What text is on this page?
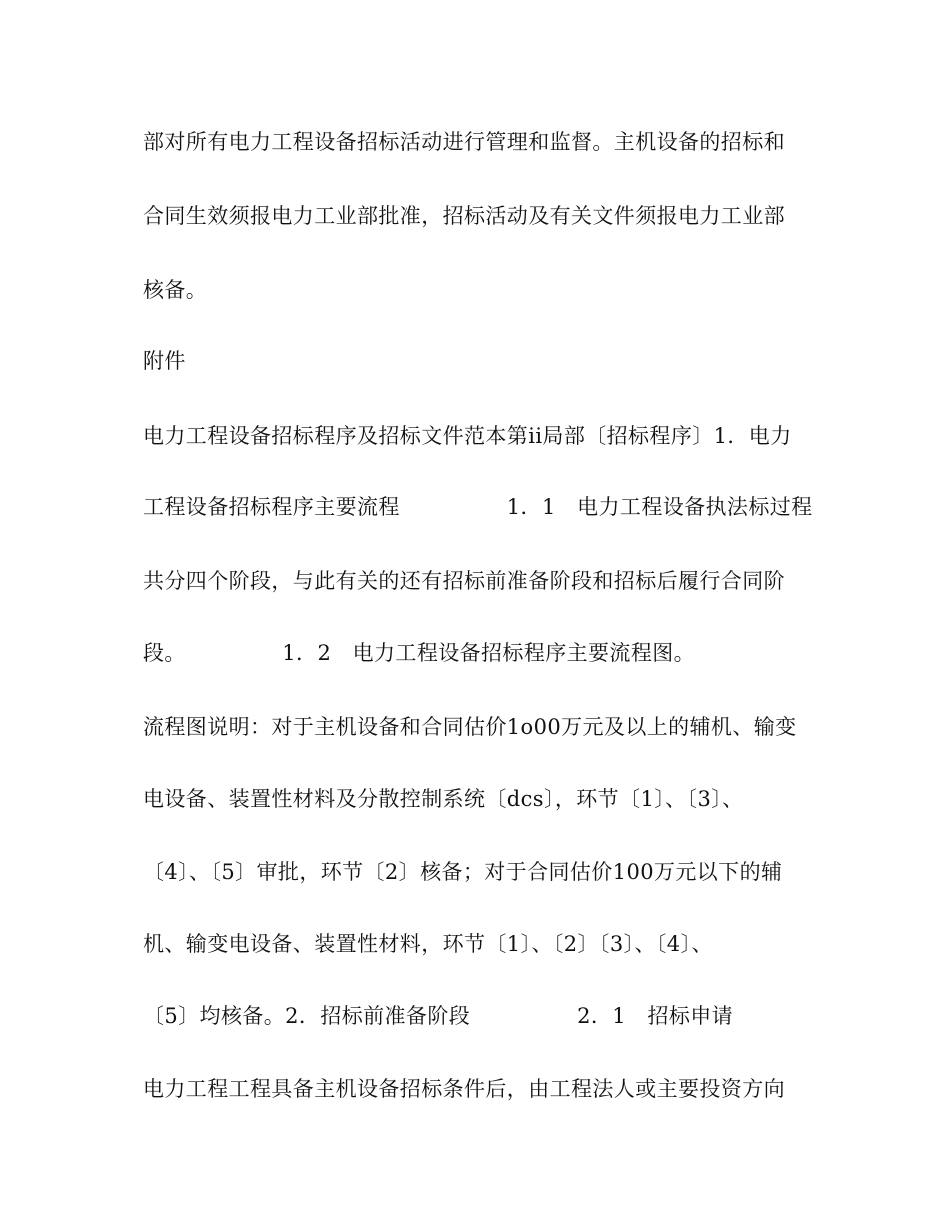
部对所有电力工程设备招标活动进行管理和监督。主机设备的招标和
合同生效须报电力工业部批准，招标活动及有关文件须报电力工业部
核备。
附件
电力工程设备招标程序及招标文件范本第ii局部〔招标程序〕1．电力
工程设备招标程序主要流程　　　　　1．1　电力工程设备执法标过程
共分四个阶段，与此有关的还有招标前准备阶段和招标后履行合同阶
段。　　　　　1．2　电力工程设备招标程序主要流程图。
流程图说明：对于主机设备和合同估价1o00万元及以上的辅机、输变
电设备、装置性材料及分散控制系统〔dcs〕，环节〔1〕、〔3〕、
〔4〕、〔5〕审批，环节〔2〕核备；对于合同估价100万元以下的辅
机、输变电设备、装置性材料，环节〔1〕、〔2〕〔3〕、〔4〕、
〔5〕均核备。2．招标前准备阶段　　　　　2．1　招标申请
电力工程工程具备主机设备招标条件后，由工程法人或主要投资方向
